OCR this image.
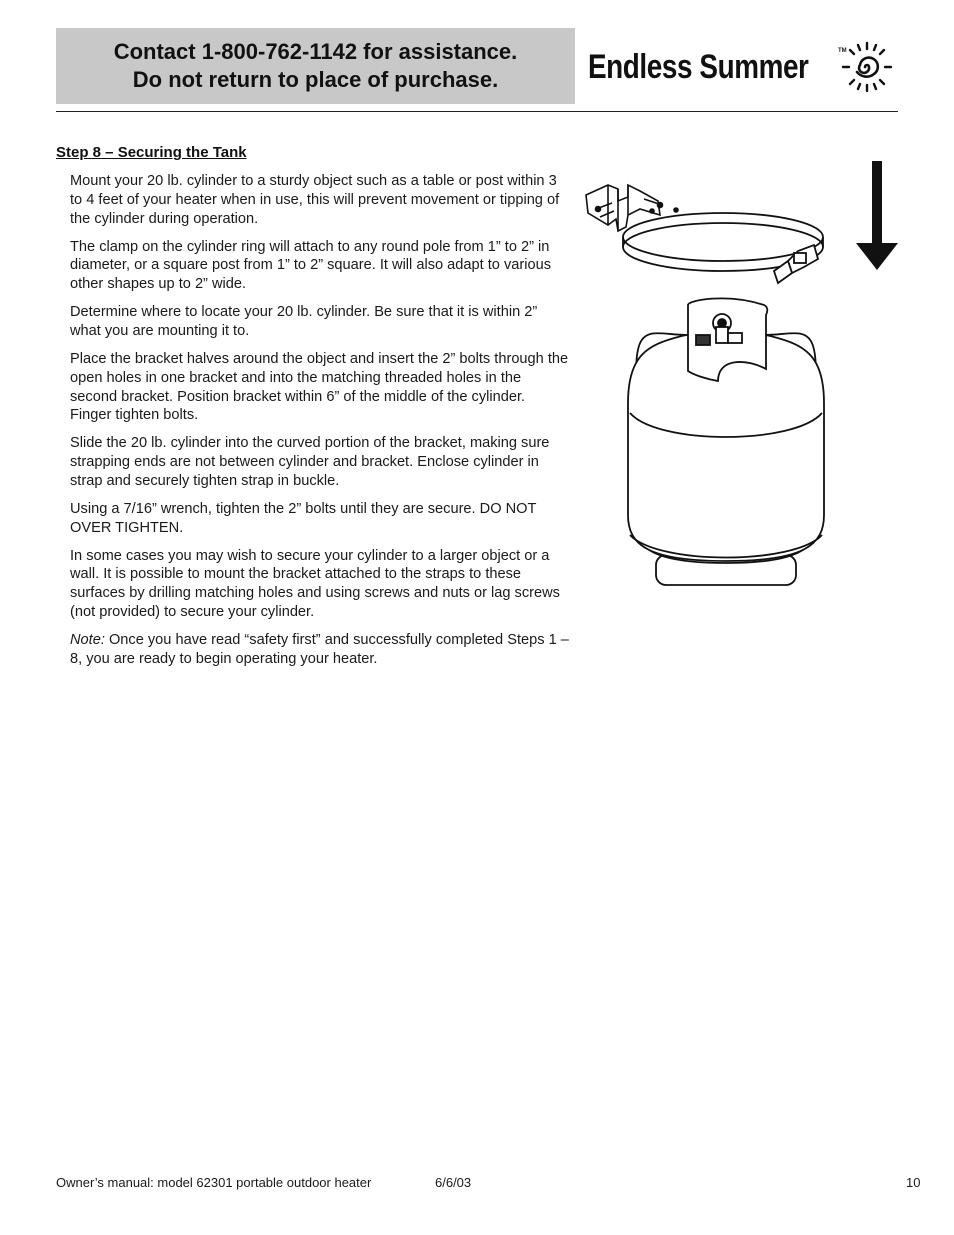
Contact 1-800-762-1142 for assistance.
Do not return to place of purchase.	Endless Summer	TM
Step 8 – Securing the Tank

Mount your 20 lb. cylinder to a sturdy object such as a table or post within 3 to 4 feet of your heater when in use, this will prevent movement or tipping of the cylinder during operation.

The clamp on the cylinder ring will attach to any round pole from 1” to 2” in diameter, or a square post from 1” to 2” square. It will also adapt to various other shapes up to 2” wide.

Determine where to locate your 20 lb. cylinder. Be sure that it is within 2” what you are mounting it to.

Place the bracket halves around the object and insert the 2” bolts through the open holes in one bracket and into the matching threaded holes in the second bracket. Position bracket within 6” of the middle of the cylinder. Finger tighten bolts.

Slide the 20 lb. cylinder into the curved portion of the bracket, making sure strapping ends are not between cylinder and bracket. Enclose cylinder in strap and securely tighten strap in buckle.

Using a 7/16” wrench, tighten the 2” bolts until they are secure. DO NOT OVER TIGHTEN.

In some cases you may wish to secure your cylinder to a larger object or a wall. It is possible to mount the bracket attached to the straps to these surfaces by drilling matching holes and using screws and nuts or lag screws (not provided) to secure your cylinder.

Note: Once you have read “safety first” and successfully completed Steps 1 – 8, you are ready to begin operating your heater.

Owner’s manual: model 62301 portable outdoor heater	6/6/03	10
